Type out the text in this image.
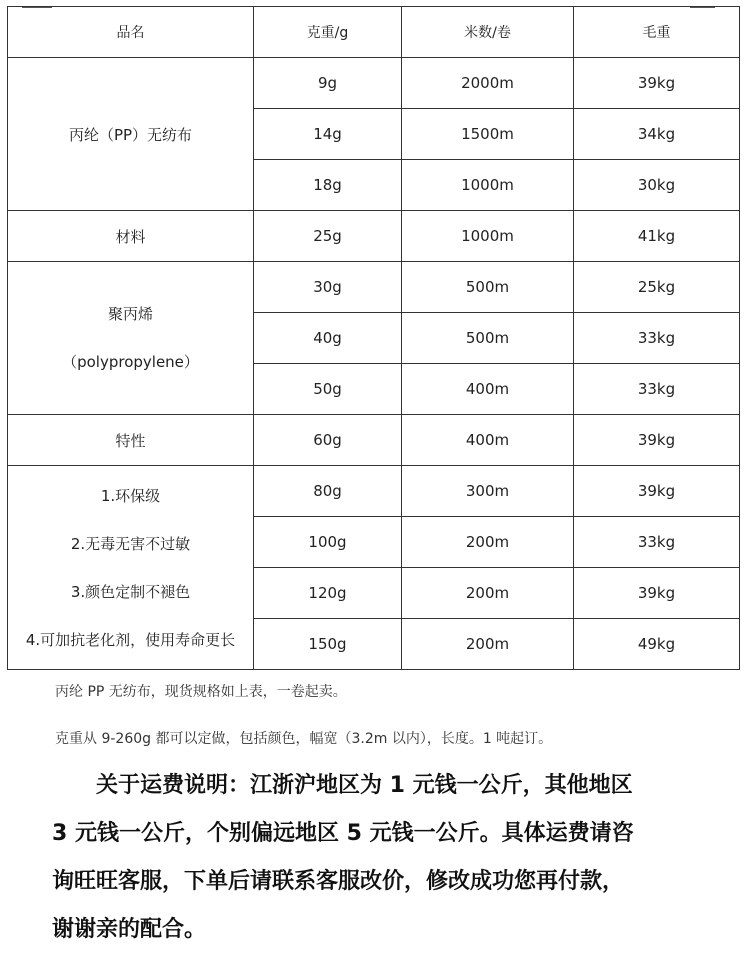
品名	克重/g	米数/卷	毛重
丙纶（PP）无纺布	9g	2000m	39kg
	14g	1500m	34kg
	18g	1000m	30kg
材料	25g	1000m	41kg

聚丙烯
（polypropylene）	30g	500m	25kg
	40g	500m	33kg
	50g	400m	33kg
特性	60g	400m	39kg

1.环保级
2.无毒无害不过敏
3.颜色定制不褪色
4.可加抗老化剂，使用寿命更长	80g	300m	39kg
	100g	200m	33kg
	120g	200m	39kg
	150g	200m	49kg
丙纶 PP 无纺布，现货规格如上表，一卷起卖。
克重从 9-260g 都可以定做，包括颜色，幅宽（3.2m 以内），长度。1 吨起订。
关于运费说明：江浙沪地区为 1 元钱一公斤，其他地区
3 元钱一公斤，个别偏远地区 5 元钱一公斤。具体运费请咨
询旺旺客服，下单后请联系客服改价，修改成功您再付款，
谢谢亲的配合。
